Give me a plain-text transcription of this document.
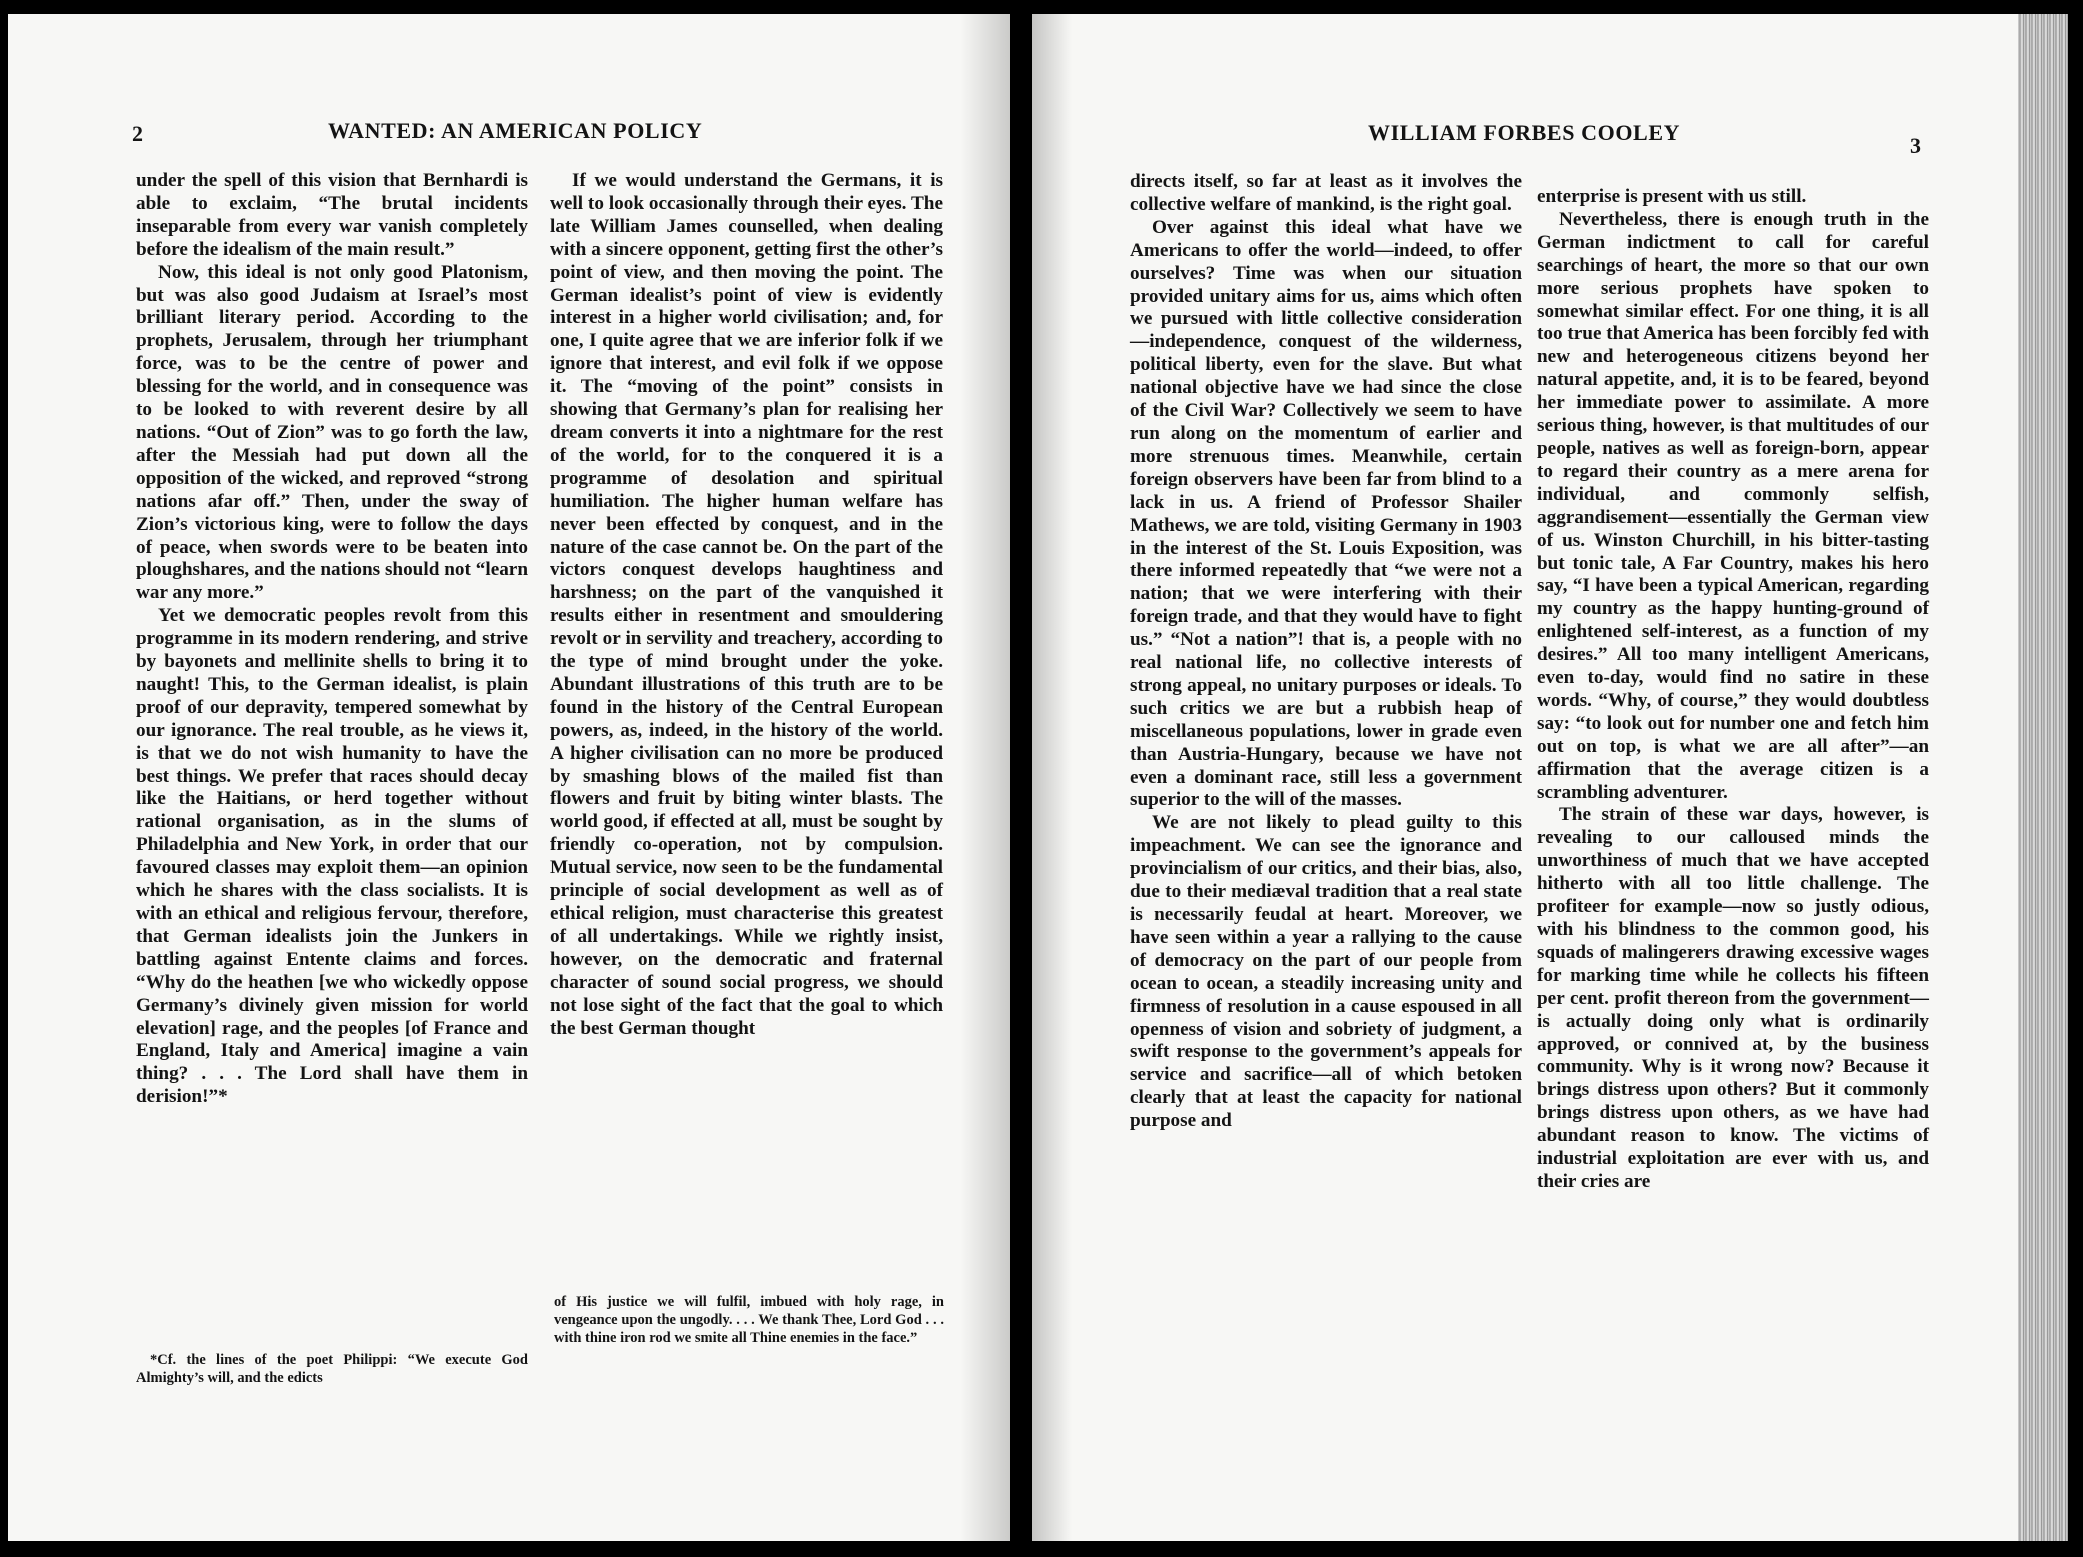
2	WANTED: AN AMERICAN POLICY

under the spell of this vision that Bernhardi is able to exclaim, “The brutal incidents inseparable from every war vanish completely before the idealism of the main result.”

Now, this ideal is not only good Platonism, but was also good Judaism at Israel’s most brilliant literary period. According to the prophets, Jerusalem, through her triumphant force, was to be the centre of power and blessing for the world, and in consequence was to be looked to with reverent desire by all nations. “Out of Zion” was to go forth the law, after the Messiah had put down all the opposition of the wicked, and reproved “strong nations afar off.” Then, under the sway of Zion’s victorious king, were to follow the days of peace, when swords were to be beaten into ploughshares, and the nations should not “learn war any more.”

Yet we democratic peoples revolt from this programme in its modern rendering, and strive by bayonets and mellinite shells to bring it to naught! This, to the German idealist, is plain proof of our depravity, tempered somewhat by our ignorance. The real trouble, as he views it, is that we do not wish humanity to have the best things. We prefer that races should decay like the Haitians, or herd together without rational organisation, as in the slums of Philadelphia and New York, in order that our favoured classes may exploit them—an opinion which he shares with the class socialists. It is with an ethical and religious fervour, therefore, that German idealists join the Junkers in battling against Entente claims and forces. “Why do the heathen [we who wickedly oppose Germany’s divinely given mission for world elevation] rage, and the peoples [of France and England, Italy and America] imagine a vain thing? . . . The Lord shall have them in derision!”*

*Cf. the lines of the poet Philippi: “We execute God Almighty’s will, and the edicts

If we would understand the Germans, it is well to look occasionally through their eyes. The late William James counselled, when dealing with a sincere opponent, getting first the other’s point of view, and then moving the point. The German idealist’s point of view is evidently interest in a higher world civilisation; and, for one, I quite agree that we are inferior folk if we ignore that interest, and evil folk if we oppose it. The “moving of the point” consists in showing that Germany’s plan for realising her dream converts it into a nightmare for the rest of the world, for to the conquered it is a programme of desolation and spiritual humiliation. The higher human welfare has never been effected by conquest, and in the nature of the case cannot be. On the part of the victors conquest develops haughtiness and harshness; on the part of the vanquished it results either in resentment and smouldering revolt or in servility and treachery, according to the type of mind brought under the yoke. Abundant illustrations of this truth are to be found in the history of the Central European powers, as, indeed, in the history of the world. A higher civilisation can no more be produced by smashing blows of the mailed fist than flowers and fruit by biting winter blasts. The world good, if effected at all, must be sought by friendly co-operation, not by compulsion. Mutual service, now seen to be the fundamental principle of social development as well as of ethical religion, must characterise this greatest of all undertakings. While we rightly insist, however, on the democratic and fraternal character of sound social progress, we should not lose sight of the fact that the goal to which the best German thought

of His justice we will fulfil, imbued with holy rage, in vengeance upon the ungodly. . . . We thank Thee, Lord God . . . with thine iron rod we smite all Thine enemies in the face.”

WILLIAM FORBES COOLEY
3

directs itself, so far at least as it involves the collective welfare of mankind, is the right goal.

Over against this ideal what have we Americans to offer the world—indeed, to offer ourselves? Time was when our situation provided unitary aims for us, aims which often we pursued with little collective consideration—independence, conquest of the wilderness, political liberty, even for the slave. But what national objective have we had since the close of the Civil War? Collectively we seem to have run along on the momentum of earlier and more strenuous times. Meanwhile, certain foreign observers have been far from blind to a lack in us. A friend of Professor Shailer Mathews, we are told, visiting Germany in 1903 in the interest of the St. Louis Exposition, was there informed repeatedly that “we were not a nation; that we were interfering with their foreign trade, and that they would have to fight us.” “Not a nation”! that is, a people with no real national life, no collective interests of strong appeal, no unitary purposes or ideals. To such critics we are but a rubbish heap of miscellaneous populations, lower in grade even than Austria-Hungary, because we have not even a dominant race, still less a government superior to the will of the masses.

We are not likely to plead guilty to this impeachment. We can see the ignorance and provincialism of our critics, and their bias, also, due to their mediæval tradition that a real state is necessarily feudal at heart. Moreover, we have seen within a year a rallying to the cause of democracy on the part of our people from ocean to ocean, a steadily increasing unity and firmness of resolution in a cause espoused in all openness of vision and sobriety of judgment, a swift response to the government’s appeals for service and sacrifice—all of which betoken clearly that at least the capacity for national purpose and

enterprise is present with us still.

Nevertheless, there is enough truth in the German indictment to call for careful searchings of heart, the more so that our own more serious prophets have spoken to somewhat similar effect. For one thing, it is all too true that America has been forcibly fed with new and heterogeneous citizens beyond her natural appetite, and, it is to be feared, beyond her immediate power to assimilate. A more serious thing, however, is that multitudes of our people, natives as well as foreign-born, appear to regard their country as a mere arena for individual, and commonly selfish, aggrandisement—essentially the German view of us. Winston Churchill, in his bitter-tasting but tonic tale, A Far Country, makes his hero say, “I have been a typical American, regarding my country as the happy hunting-ground of enlightened self-interest, as a function of my desires.” All too many intelligent Americans, even to-day, would find no satire in these words. “Why, of course,” they would doubtless say: “to look out for number one and fetch him out on top, is what we are all after”—an affirmation that the average citizen is a scrambling adventurer.

The strain of these war days, however, is revealing to our calloused minds the unworthiness of much that we have accepted hitherto with all too little challenge. The profiteer for example—now so justly odious, with his blindness to the common good, his squads of malingerers drawing excessive wages for marking time while he collects his fifteen per cent. profit thereon from the government—is actually doing only what is ordinarily approved, or connived at, by the business community. Why is it wrong now? Because it brings distress upon others? But it commonly brings distress upon others, as we have had abundant reason to know. The victims of industrial exploitation are ever with us, and their cries are
